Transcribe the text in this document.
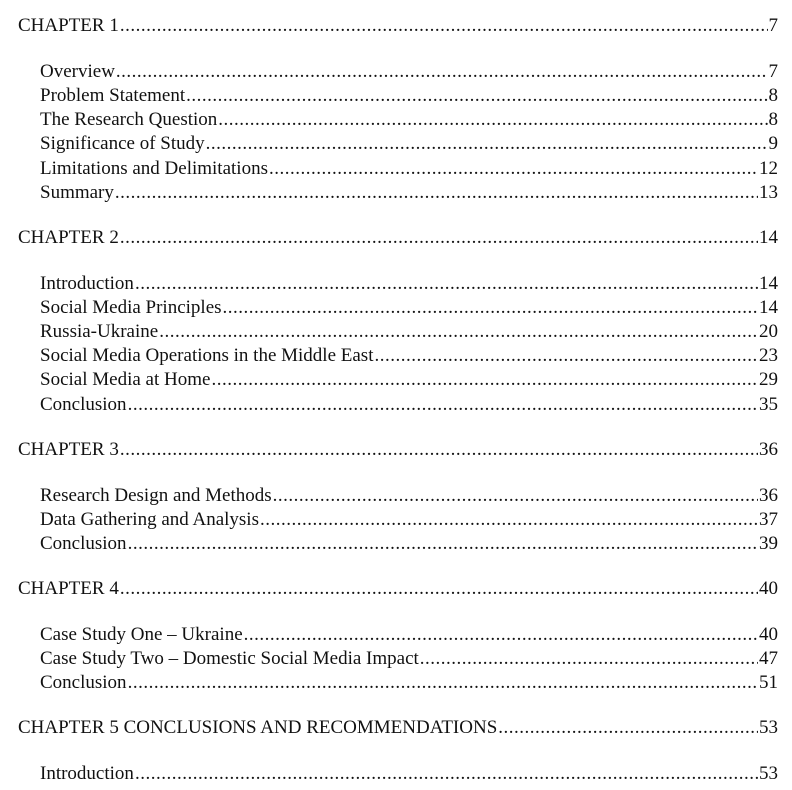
CHAPTER 1 .....	7
Overview .....	7
Problem Statement .....	8
The Research Question .....	8
Significance of Study .....	9
Limitations and Delimitations .....	12
Summary .....	13
CHAPTER 2 .....	14
Introduction .....	14
Social Media Principles .....	14
Russia-Ukraine .....	20
Social Media Operations in the Middle East .....	23
Social Media at Home .....	29
Conclusion .....	35
CHAPTER 3 .....	36
Research Design and Methods .....	36
Data Gathering and Analysis .....	37
Conclusion .....	39
CHAPTER 4 .....	40
Case Study One – Ukraine .....	40
Case Study Two – Domestic Social Media Impact .....	47
Conclusion .....	51
CHAPTER 5 CONCLUSIONS AND RECOMMENDATIONS .....	53
Introduction .....	53
